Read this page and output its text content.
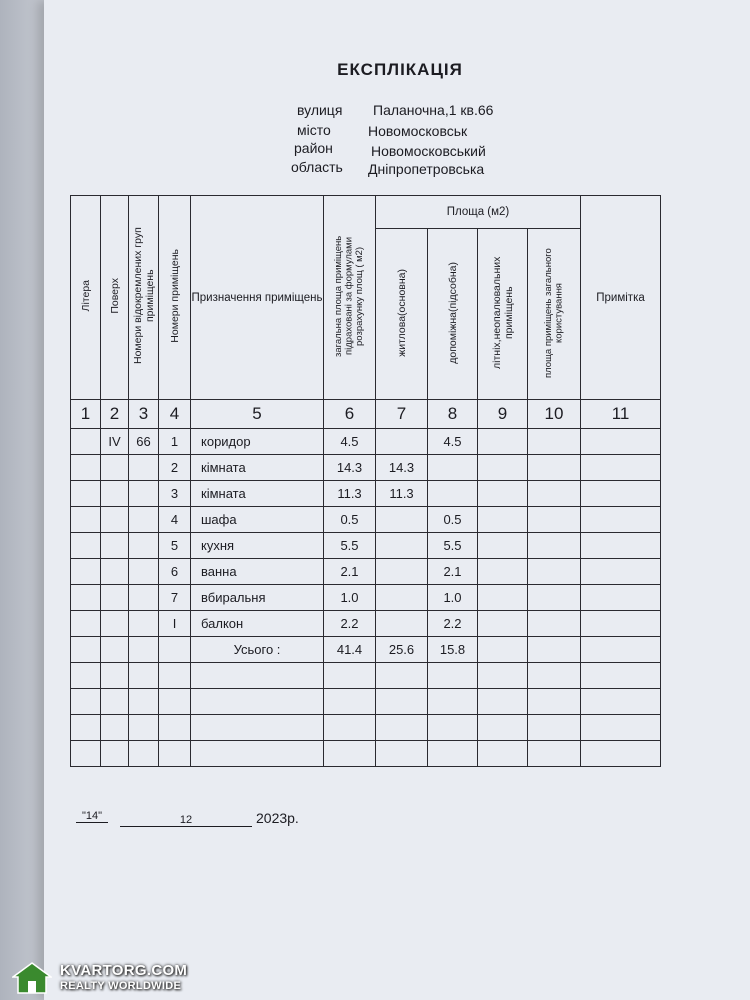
ЕКСПЛІКАЦІЯ
вулиця Паланочна,1 кв.66
місто	Новомосковськ
район	Новомосковський
область Дніпропетровська
Літера	Поверх	Номери відокремлених груп приміщень	Номери приміщень	Призначення приміщень	загальна площа приміщень підраховані за формулами розрахунку площ ( м2)	Площа (м2)				Примітка
						житлова(основна)	допоміжна(підсобна)	літніх,неопалювальних приміщень	площа приміщень загального користування	
1	2	3	4	5	6	7	8	9	10	11
	IV	66	1	коридор	4.5		4.5			
			2	кімната	14.3	14.3				
			3	кімната	11.3	11.3				
			4	шафа	0.5		0.5			
			5	кухня	5.5		5.5			
			6	ванна	2.1		2.1			
			7	вбиральня	1.0		1.0			
			I	балкон	2.2		2.2			
				Усього :	41.4	25.6	15.8			

"14"	12	2023р.
KVARTORG.COM
REALTY WORLDWIDE
